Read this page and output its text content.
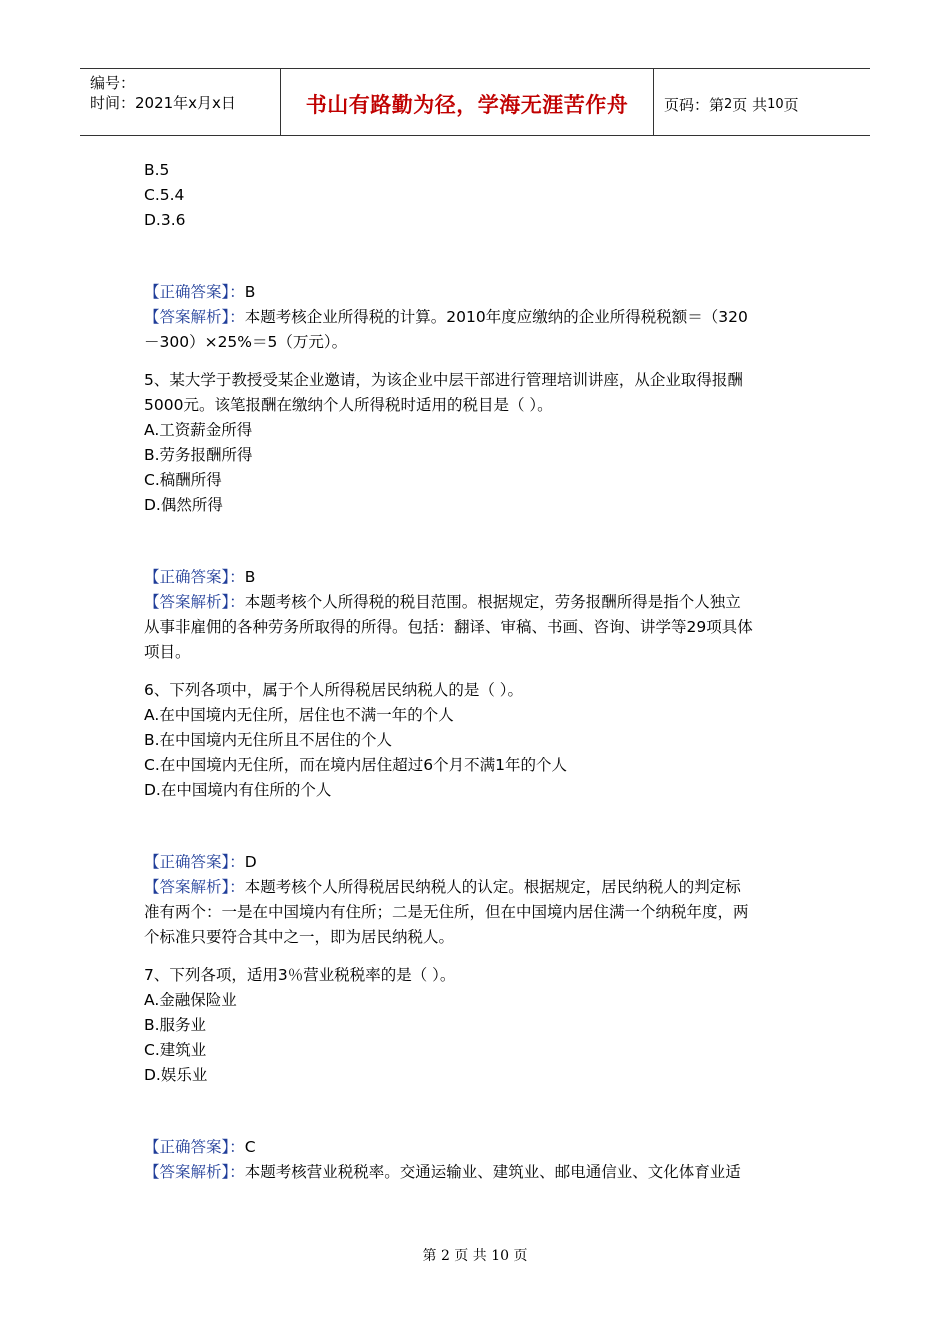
编号：
时间：2021年x月x日	书山有路勤为径，学海无涯苦作舟	页码：第 2 页 共 10 页
B.5
C.5.4
D.3.6
【正确答案】：B
【答案解析】：本题考核企业所得税的计算。2010年度应缴纳的企业所得税税额＝（320
－300）×25%＝5（万元）。
5、某大学于教授受某企业邀请，为该企业中层干部进行管理培训讲座，从企业取得报酬
5000元。该笔报酬在缴纳个人所得税时适用的税目是（ ）。
A.工资薪金所得
B.劳务报酬所得
C.稿酬所得
D.偶然所得
【正确答案】：B
【答案解析】：本题考核个人所得税的税目范围。根据规定，劳务报酬所得是指个人独立
从事非雇佣的各种劳务所取得的所得。包括：翻译、审稿、书画、咨询、讲学等29项具体
项目。
6、下列各项中，属于个人所得税居民纳税人的是（ ）。
A.在中国境内无住所，居住也不满一年的个人
B.在中国境内无住所且不居住的个人
C.在中国境内无住所，而在境内居住超过6个月不满1年的个人
D.在中国境内有住所的个人
【正确答案】：D
【答案解析】：本题考核个人所得税居民纳税人的认定。根据规定，居民纳税人的判定标
准有两个：一是在中国境内有住所；二是无住所，但在中国境内居住满一个纳税年度，两
个标准只要符合其中之一，即为居民纳税人。
7、下列各项，适用3％营业税税率的是（ ）。
A.金融保险业
B.服务业
C.建筑业
D.娱乐业
【正确答案】：C
【答案解析】：本题考核营业税税率。交通运输业、建筑业、邮电通信业、文化体育业适
第 2 页 共 10 页
